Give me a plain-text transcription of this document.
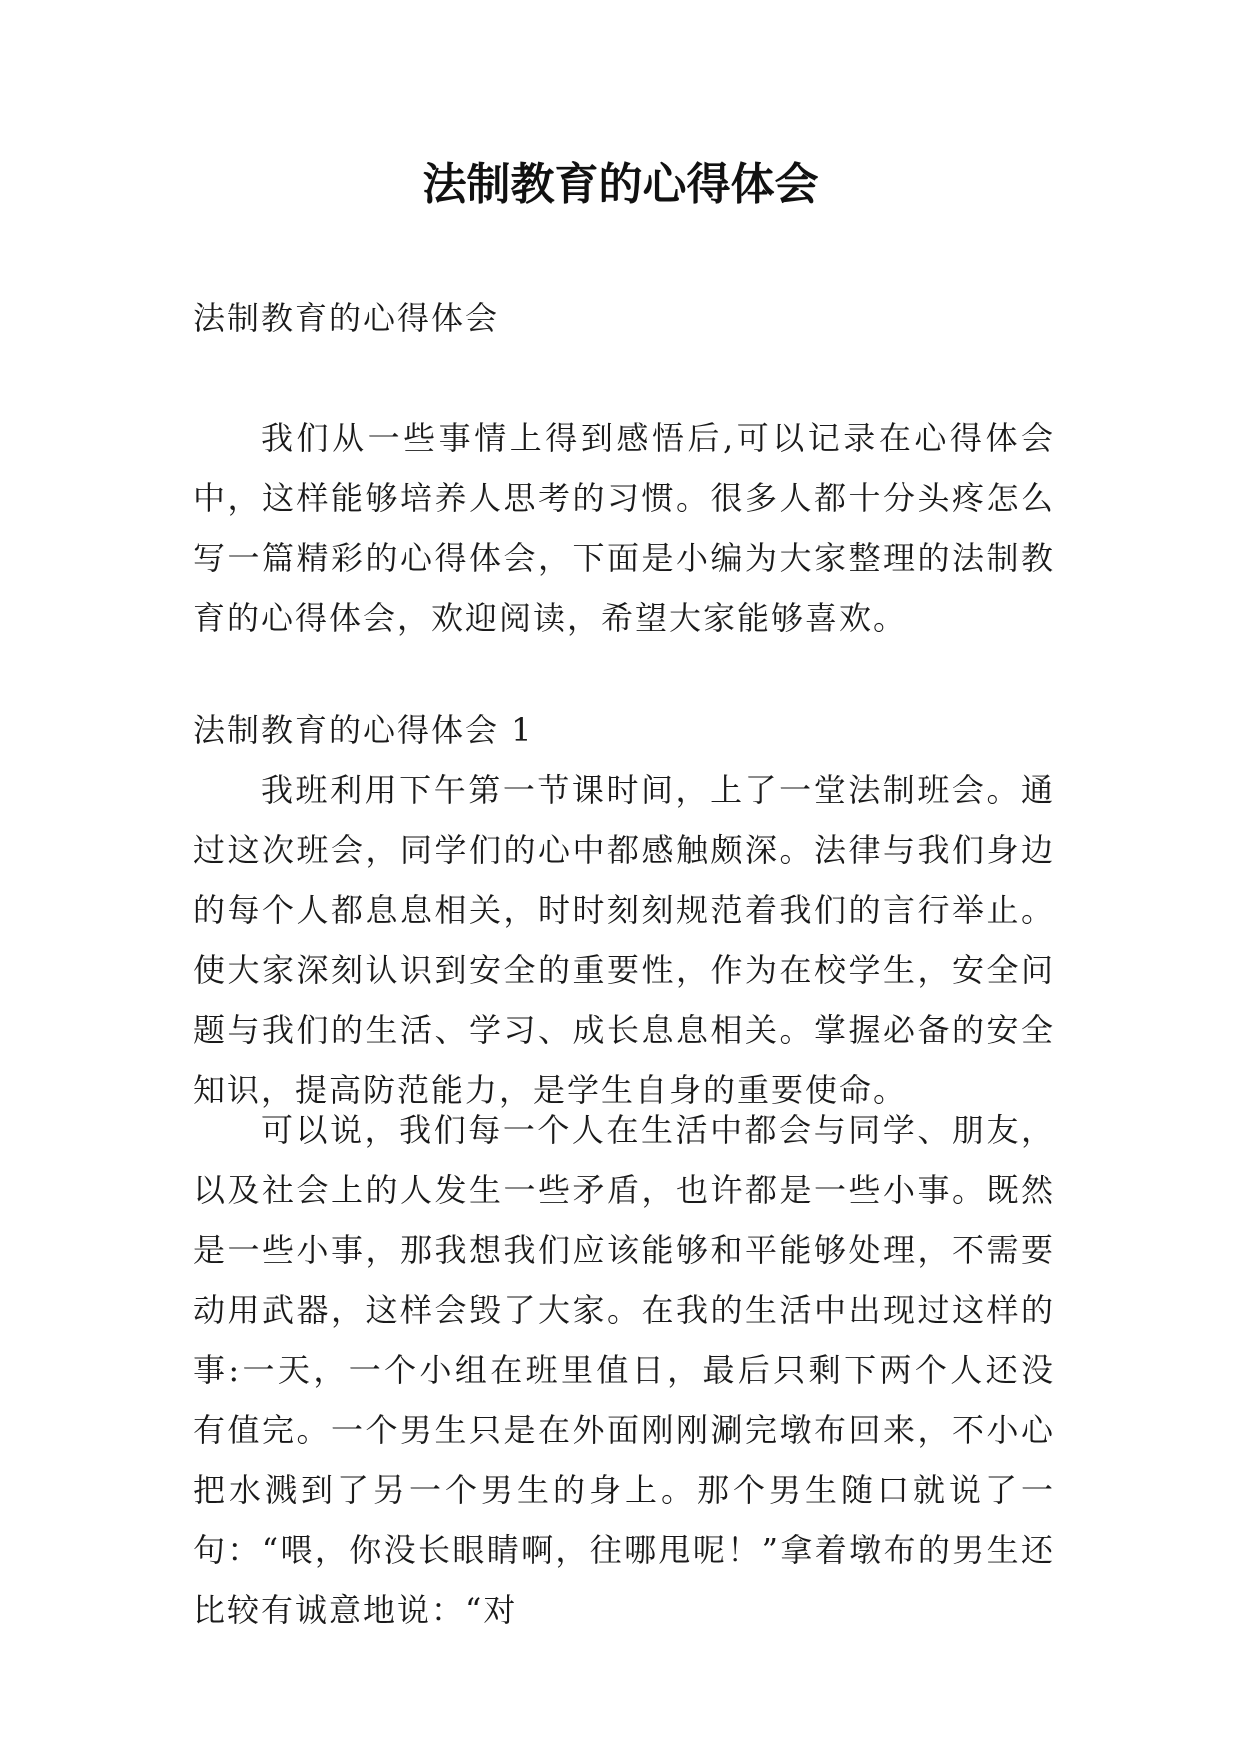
法制教育的心得体会

法制教育的心得体会

我们从一些事情上得到感悟后,可以记录在心得体会中，这样能够培养人思考的习惯。很多人都十分头疼怎么写一篇精彩的心得体会，下面是小编为大家整理的法制教育的心得体会，欢迎阅读，希望大家能够喜欢。

法制教育的心得体会 1

我班利用下午第一节课时间，上了一堂法制班会。通过这次班会，同学们的心中都感触颇深。法律与我们身边的每个人都息息相关，时时刻刻规范着我们的言行举止。使大家深刻认识到安全的重要性，作为在校学生，安全问题与我们的生活、学习、成长息息相关。掌握必备的安全知识，提高防范能力，是学生自身的重要使命。

可以说，我们每一个人在生活中都会与同学、朋友，以及社会上的人发生一些矛盾，也许都是一些小事。既然是一些小事，那我想我们应该能够和平能够处理，不需要动用武器，这样会毁了大家。在我的生活中出现过这样的事:一天，一个小组在班里值日，最后只剩下两个人还没有值完。一个男生只是在外面刚刚涮完墩布回来，不小心把水溅到了另一个男生的身上。那个男生随口就说了一句：“喂，你没长眼睛啊，往哪甩呢！”拿着墩布的男生还比较有诚意地说：“对
